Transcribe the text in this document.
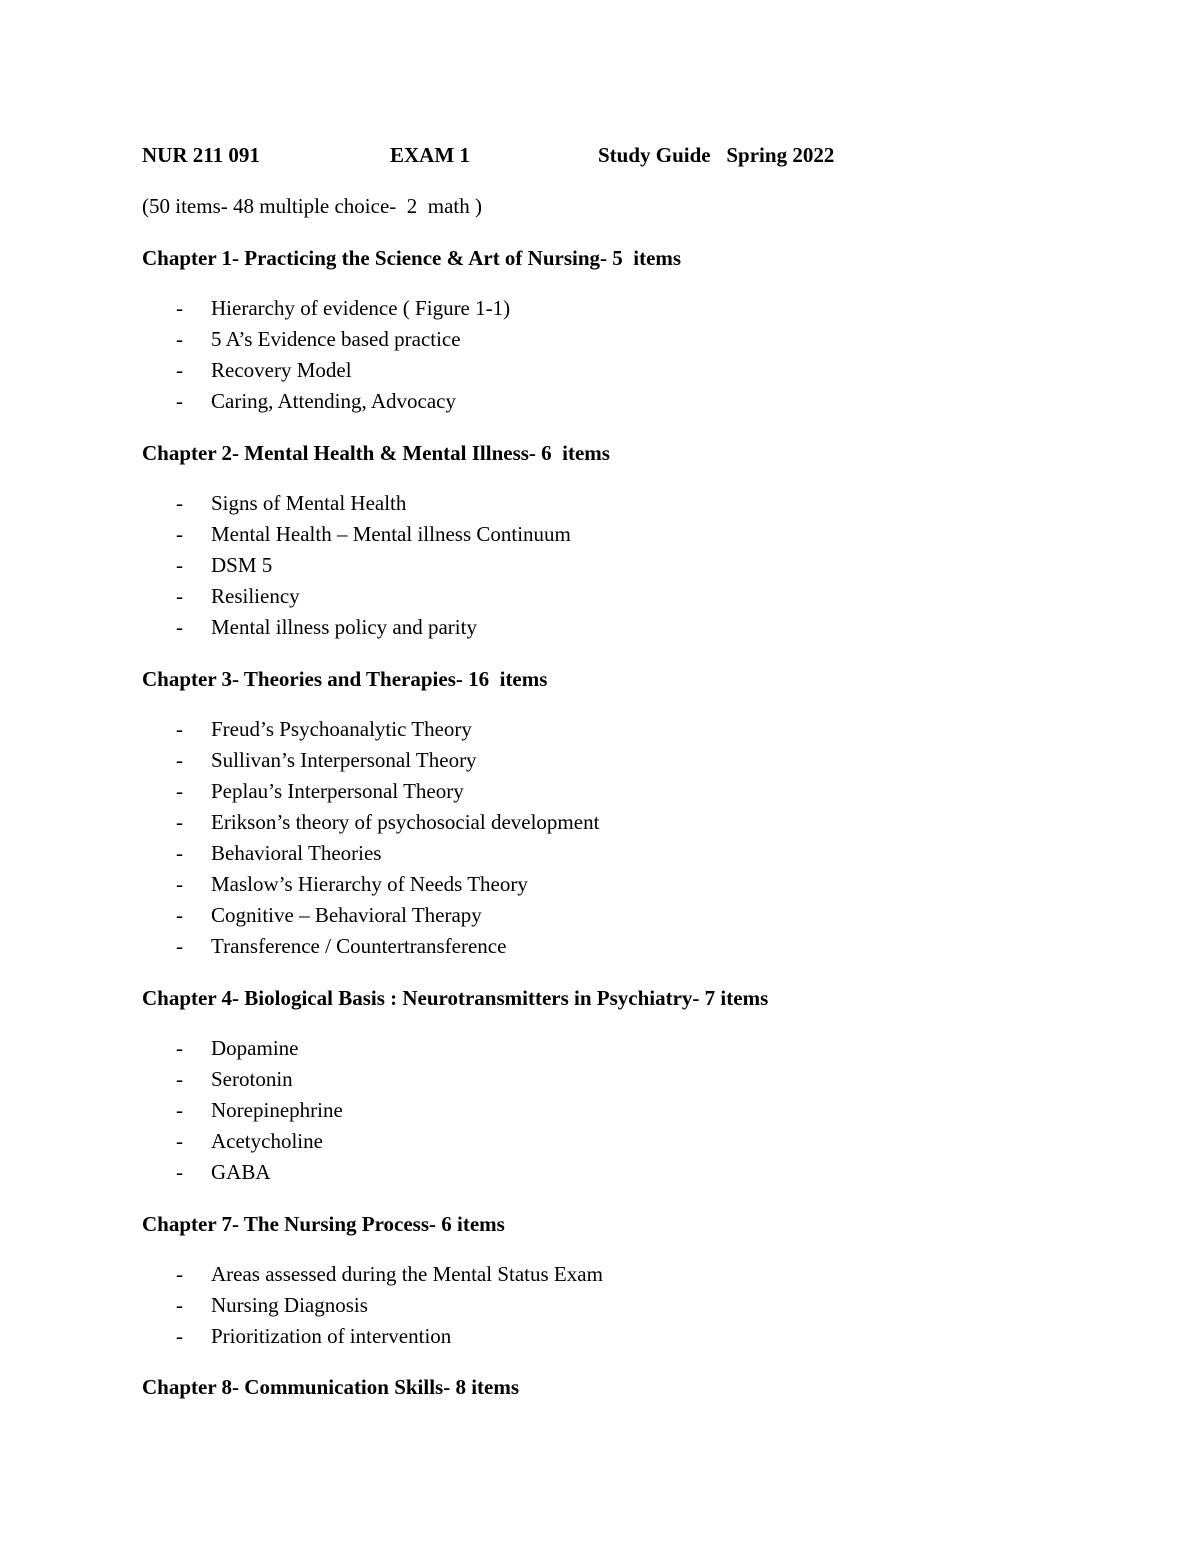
NUR 211 091	EXAM 1	Study Guide   Spring 2022
(50 items- 48 multiple choice-  2  math )
Chapter 1- Practicing the Science & Art of Nursing- 5  items
- Hierarchy of evidence ( Figure 1-1)
- 5 A’s Evidence based practice
- Recovery Model
- Caring, Attending, Advocacy
Chapter 2- Mental Health & Mental Illness- 6  items
- Signs of Mental Health
- Mental Health – Mental illness Continuum
- DSM 5
- Resiliency
- Mental illness policy and parity
Chapter 3- Theories and Therapies- 16  items
- Freud’s Psychoanalytic Theory
- Sullivan’s Interpersonal Theory
- Peplau’s Interpersonal Theory
- Erikson’s theory of psychosocial development
- Behavioral Theories
- Maslow’s Hierarchy of Needs Theory
- Cognitive – Behavioral Therapy
- Transference / Countertransference
Chapter 4- Biological Basis : Neurotransmitters in Psychiatry- 7 items
- Dopamine
- Serotonin
- Norepinephrine
- Acetycholine
- GABA
Chapter 7- The Nursing Process- 6 items
- Areas assessed during the Mental Status Exam
- Nursing Diagnosis
- Prioritization of intervention
Chapter 8- Communication Skills- 8 items
